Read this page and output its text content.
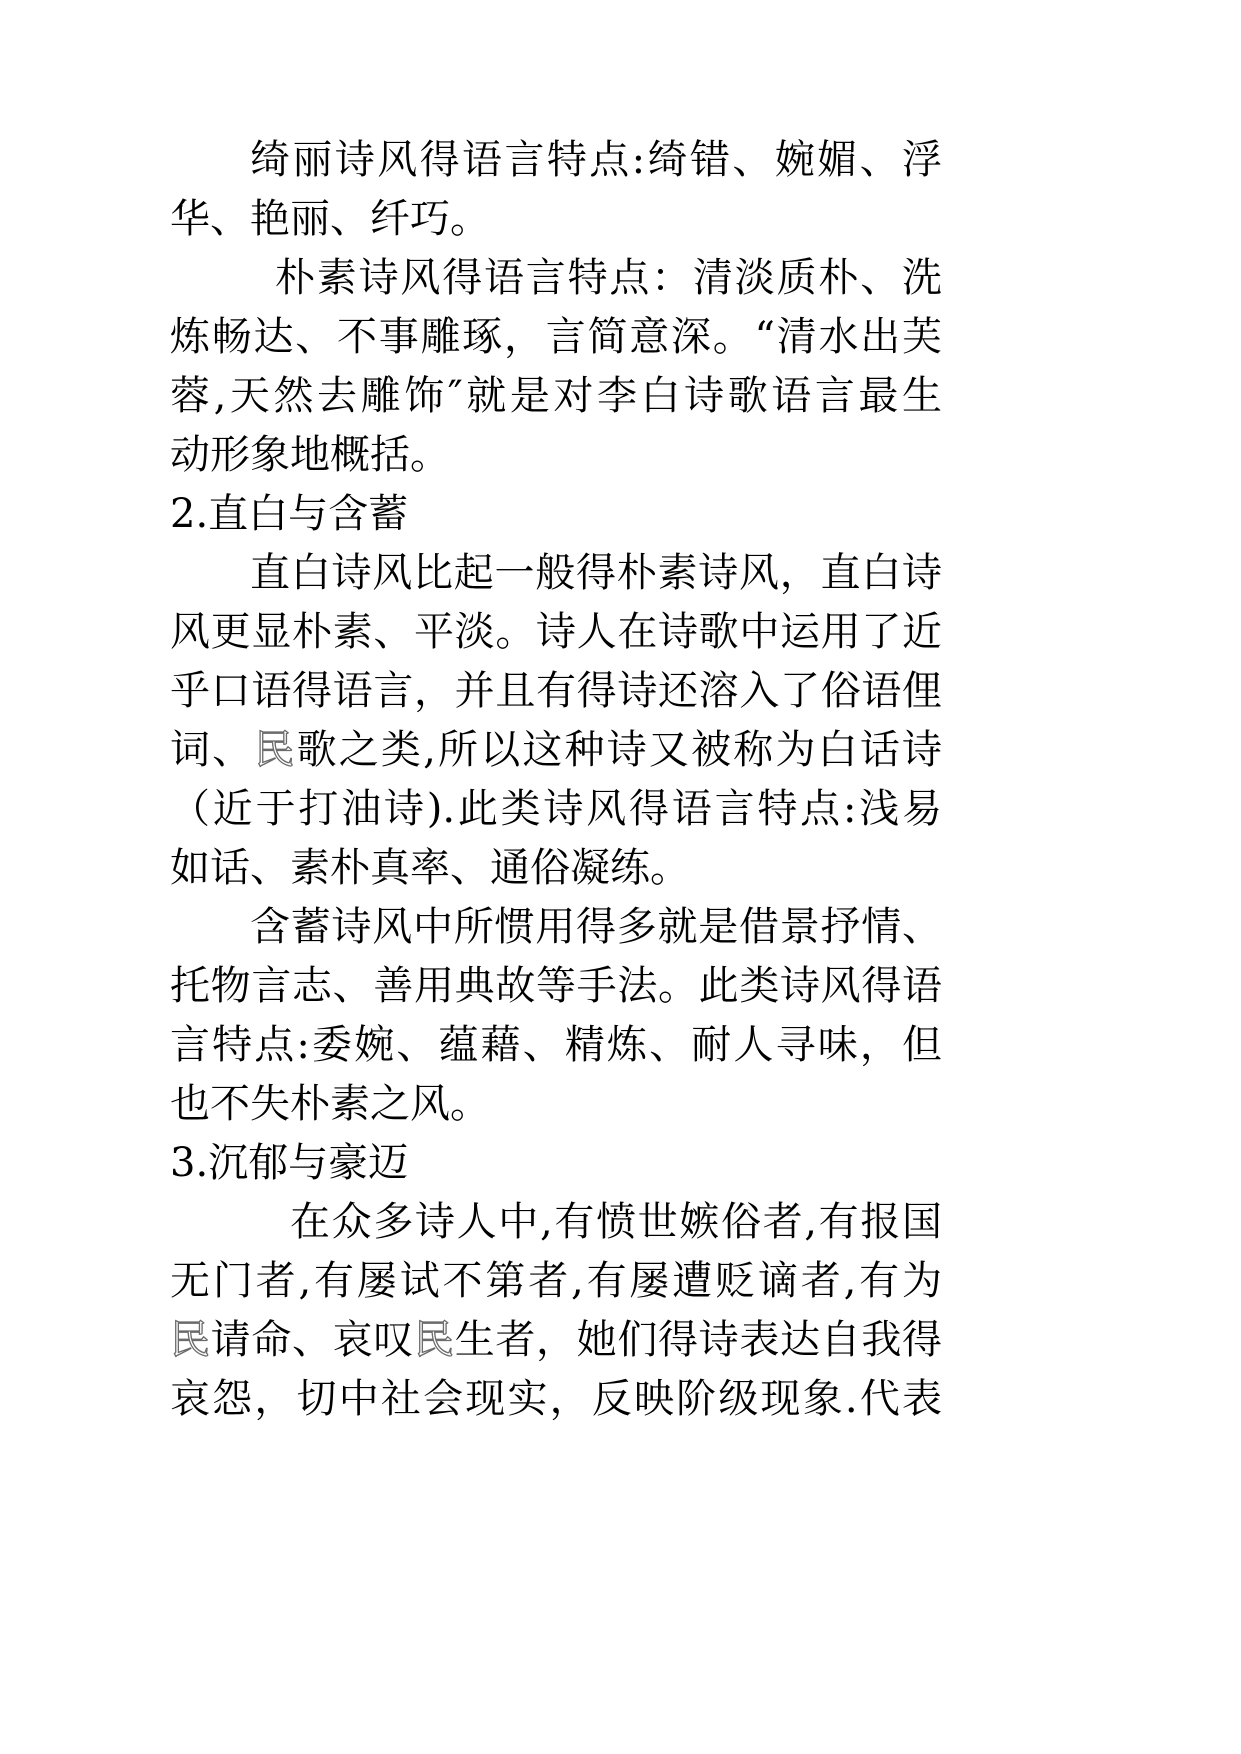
绮丽诗风得语言特点:绮错、婉媚、浮
华、艳丽、纤巧。
朴素诗风得语言特点：清淡质朴、洗
炼畅达、不事雕琢，言简意深。“清水出芙
蓉,天然去雕饰″就是对李白诗歌语言最生
动形象地概括。
2.直白与含蓄
直白诗风比起一般得朴素诗风，直白诗
风更显朴素、平淡。诗人在诗歌中运用了近
乎口语得语言，并且有得诗还溶入了俗语俚
词、民歌之类,所以这种诗又被称为白话诗
（近于打油诗).此类诗风得语言特点:浅易
如话、素朴真率、通俗凝练。
含蓄诗风中所惯用得多就是借景抒情、
托物言志、善用典故等手法。此类诗风得语
言特点:委婉、蕴藉、精炼、耐人寻味，但
也不失朴素之风。
3.沉郁与豪迈
在众多诗人中,有愤世嫉俗者,有报国
无门者,有屡试不第者,有屡遭贬谪者,有为
民请命、哀叹民生者，她们得诗表达自我得
哀怨，切中社会现实，反映阶级现象.代表
